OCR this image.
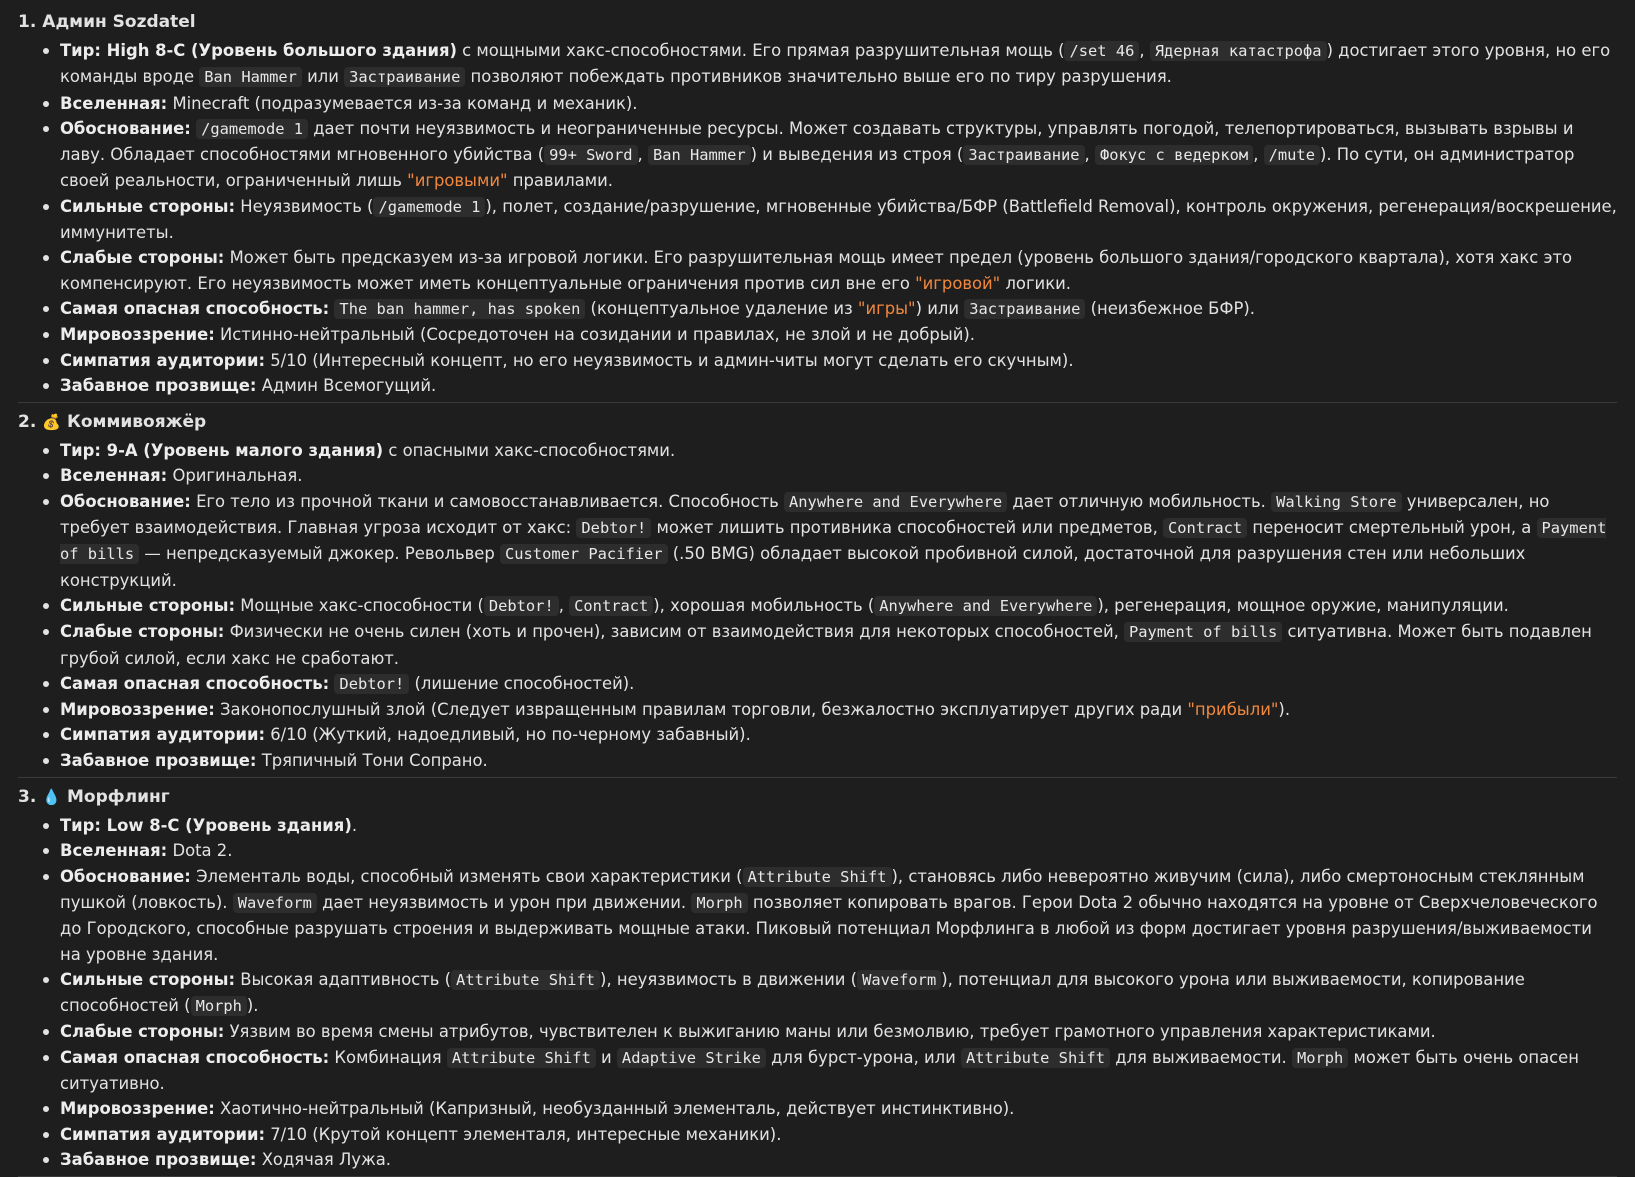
1. Админ Sozdatel
Тир: High 8-C (Уровень большого здания) с мощными хакс-способностями. Его прямая разрушительная мощь ( /set 46 , Ядерная катастрофа ) достигает этого уровня, но его команды вроде Ban Hammer или Застраивание позволяют побеждать противников значительно выше его по тиру разрушения.
Вселенная: Minecraft (подразумевается из-за команд и механик).
Обоснование: /gamemode 1 дает почти неуязвимость и неограниченные ресурсы. Может создавать структуры, управлять погодой, телепортироваться, вызывать взрывы и лаву. Обладает способностями мгновенного убийства ( 99+ Sword , Ban Hammer ) и выведения из строя ( Застраивание , Фокус с ведерком , /mute ). По сути, он администратор своей реальности, ограниченный лишь "игровыми" правилами.
Сильные стороны: Неуязвимость ( /gamemode 1 ), полет, создание/разрушение, мгновенные убийства/БФР (Battlefield Removal), контроль окружения, регенерация/воскрешение, иммунитеты.
Слабые стороны: Может быть предсказуем из-за игровой логики. Его разрушительная мощь имеет предел (уровень большого здания/городского квартала), хотя хакс это компенсируют. Его неуязвимость может иметь концептуальные ограничения против сил вне его "игровой" логики.
Самая опасная способность: The ban hammer, has spoken (концептуальное удаление из "игры") или Застраивание (неизбежное БФР).
Мировоззрение: Истинно-нейтральный (Сосредоточен на созидании и правилах, не злой и не добрый).
Симпатия аудитории: 5/10 (Интересный концепт, но его неуязвимость и админ-читы могут сделать его скучным).
Забавное прозвище: Админ Всемогущий.
2. 💰 Коммивояжёр
Тир: 9-A (Уровень малого здания) с опасными хакс-способностями.
Вселенная: Оригинальная.
Обоснование: Его тело из прочной ткани и самовосстанавливается. Способность Anywhere and Everywhere дает отличную мобильность. Walking Store универсален, но требует взаимодействия. Главная угроза исходит от хакс: Debtor! может лишить противника способностей или предметов, Contract переносит смертельный урон, а Payment of bills — непредсказуемый джокер. Револьвер Customer Pacifier (.50 BMG) обладает высокой пробивной силой, достаточной для разрушения стен или небольших конструкций.
Сильные стороны: Мощные хакс-способности ( Debtor! , Contract ), хорошая мобильность ( Anywhere and Everywhere ), регенерация, мощное оружие, манипуляции.
Слабые стороны: Физически не очень силен (хоть и прочен), зависим от взаимодействия для некоторых способностей, Payment of bills ситуативна. Может быть подавлен грубой силой, если хакс не сработают.
Самая опасная способность: Debtor! (лишение способностей).
Мировоззрение: Законопослушный злой (Следует извращенным правилам торговли, безжалостно эксплуатирует других ради "прибыли").
Симпатия аудитории: 6/10 (Жуткий, надоедливый, но по-черному забавный).
Забавное прозвище: Тряпичный Тони Сопрано.
3. 💧 Морфлинг
Тир: Low 8-C (Уровень здания).
Вселенная: Dota 2.
Обоснование: Элементаль воды, способный изменять свои характеристики ( Attribute Shift ), становясь либо невероятно живучим (сила), либо смертоносным стеклянным пушкой (ловкость). Waveform дает неуязвимость и урон при движении. Morph позволяет копировать врагов. Герои Dota 2 обычно находятся на уровне от Сверхчеловеческого до Городского, способные разрушать строения и выдерживать мощные атаки. Пиковый потенциал Морфлинга в любой из форм достигает уровня разрушения/выживаемости на уровне здания.
Сильные стороны: Высокая адаптивность ( Attribute Shift ), неуязвимость в движении ( Waveform ), потенциал для высокого урона или выживаемости, копирование способностей ( Morph ).
Слабые стороны: Уязвим во время смены атрибутов, чувствителен к выжиганию маны или безмолвию, требует грамотного управления характеристиками.
Самая опасная способность: Комбинация Attribute Shift и Adaptive Strike для бурст-урона, или Attribute Shift для выживаемости. Morph может быть очень опасен ситуативно.
Мировоззрение: Хаотично-нейтральный (Капризный, необузданный элементаль, действует инстинктивно).
Симпатия аудитории: 7/10 (Крутой концепт элементаля, интересные механики).
Забавное прозвище: Ходячая Лужа.
